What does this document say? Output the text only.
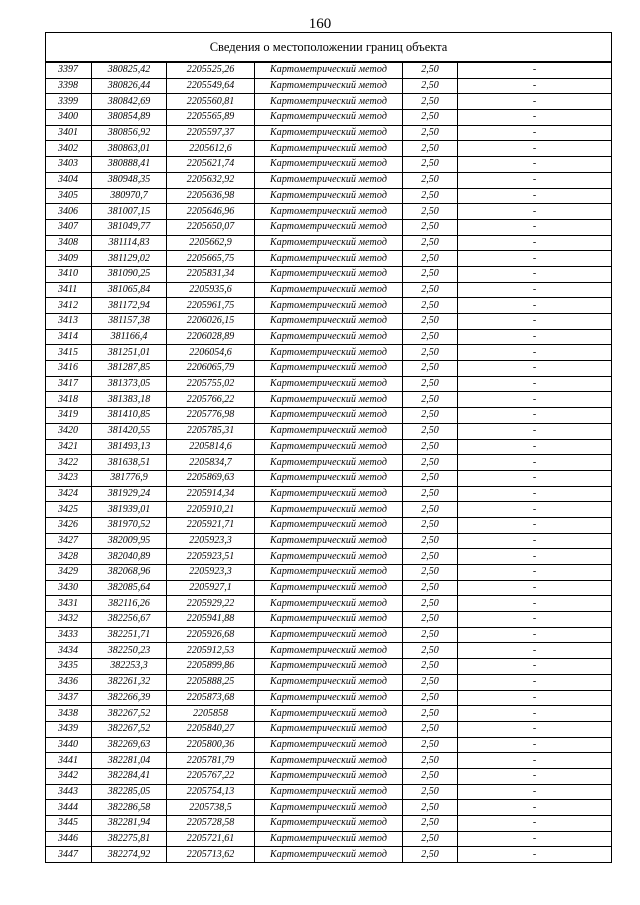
160
Сведения о местоположении границ объекта					
3397	380825,42	2205525,26	Картометрический метод	2,50	-
3398	380826,44	2205549,64	Картометрический метод	2,50	-
3399	380842,69	2205560,81	Картометрический метод	2,50	-
3400	380854,89	2205565,89	Картометрический метод	2,50	-
3401	380856,92	2205597,37	Картометрический метод	2,50	-
3402	380863,01	2205612,6	Картометрический метод	2,50	-
3403	380888,41	2205621,74	Картометрический метод	2,50	-
3404	380948,35	2205632,92	Картометрический метод	2,50	-
3405	380970,7	2205636,98	Картометрический метод	2,50	-
3406	381007,15	2205646,96	Картометрический метод	2,50	-
3407	381049,77	2205650,07	Картометрический метод	2,50	-
3408	381114,83	2205662,9	Картометрический метод	2,50	-
3409	381129,02	2205665,75	Картометрический метод	2,50	-
3410	381090,25	2205831,34	Картометрический метод	2,50	-
3411	381065,84	2205935,6	Картометрический метод	2,50	-
3412	381172,94	2205961,75	Картометрический метод	2,50	-
3413	381157,38	2206026,15	Картометрический метод	2,50	-
3414	381166,4	2206028,89	Картометрический метод	2,50	-
3415	381251,01	2206054,6	Картометрический метод	2,50	-
3416	381287,85	2206065,79	Картометрический метод	2,50	-
3417	381373,05	2205755,02	Картометрический метод	2,50	-
3418	381383,18	2205766,22	Картометрический метод	2,50	-
3419	381410,85	2205776,98	Картометрический метод	2,50	-
3420	381420,55	2205785,31	Картометрический метод	2,50	-
3421	381493,13	2205814,6	Картометрический метод	2,50	-
3422	381638,51	2205834,7	Картометрический метод	2,50	-
3423	381776,9	2205869,63	Картометрический метод	2,50	-
3424	381929,24	2205914,34	Картометрический метод	2,50	-
3425	381939,01	2205910,21	Картометрический метод	2,50	-
3426	381970,52	2205921,71	Картометрический метод	2,50	-
3427	382009,95	2205923,3	Картометрический метод	2,50	-
3428	382040,89	2205923,51	Картометрический метод	2,50	-
3429	382068,96	2205923,3	Картометрический метод	2,50	-
3430	382085,64	2205927,1	Картометрический метод	2,50	-
3431	382116,26	2205929,22	Картометрический метод	2,50	-
3432	382256,67	2205941,88	Картометрический метод	2,50	-
3433	382251,71	2205926,68	Картометрический метод	2,50	-
3434	382250,23	2205912,53	Картометрический метод	2,50	-
3435	382253,3	2205899,86	Картометрический метод	2,50	-
3436	382261,32	2205888,25	Картометрический метод	2,50	-
3437	382266,39	2205873,68	Картометрический метод	2,50	-
3438	382267,52	2205858	Картометрический метод	2,50	-
3439	382267,52	2205840,27	Картометрический метод	2,50	-
3440	382269,63	2205800,36	Картометрический метод	2,50	-
3441	382281,04	2205781,79	Картометрический метод	2,50	-
3442	382284,41	2205767,22	Картометрический метод	2,50	-
3443	382285,05	2205754,13	Картометрический метод	2,50	-
3444	382286,58	2205738,5	Картометрический метод	2,50	-
3445	382281,94	2205728,58	Картометрический метод	2,50	-
3446	382275,81	2205721,61	Картометрический метод	2,50	-
3447	382274,92	2205713,62	Картометрический метод	2,50	-
